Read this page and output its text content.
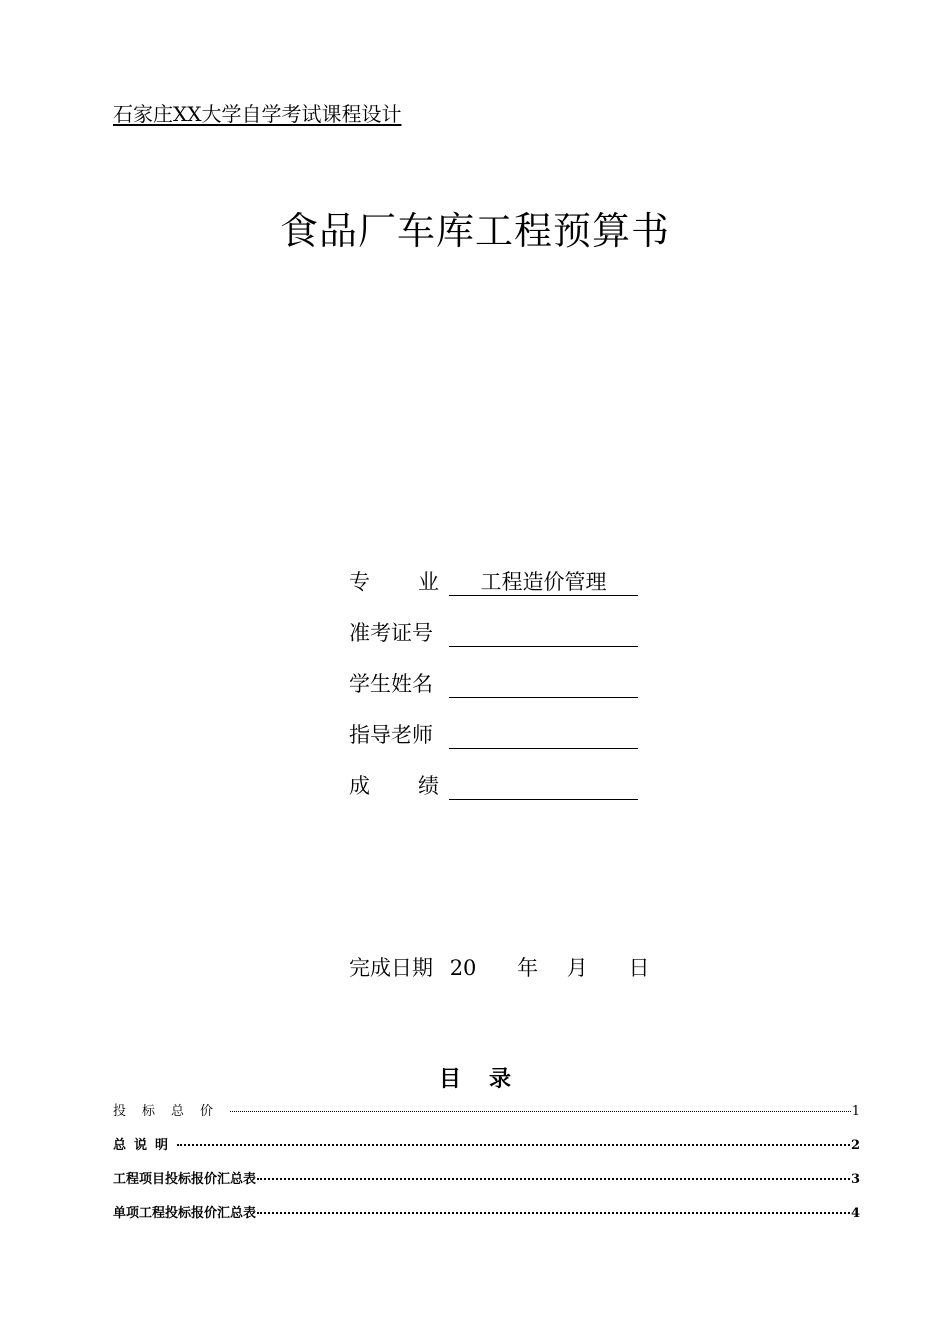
石家庄XX大学自学考试课程设计
食品厂车库工程预算书
专 业	工程造价管理
准考证号
学生姓名
指导老师
成 绩
完成日期 20 年 月 日
目录
投标总价	1
总说明	2
工程项目投标报价汇总表	3
单项工程投标报价汇总表	4
